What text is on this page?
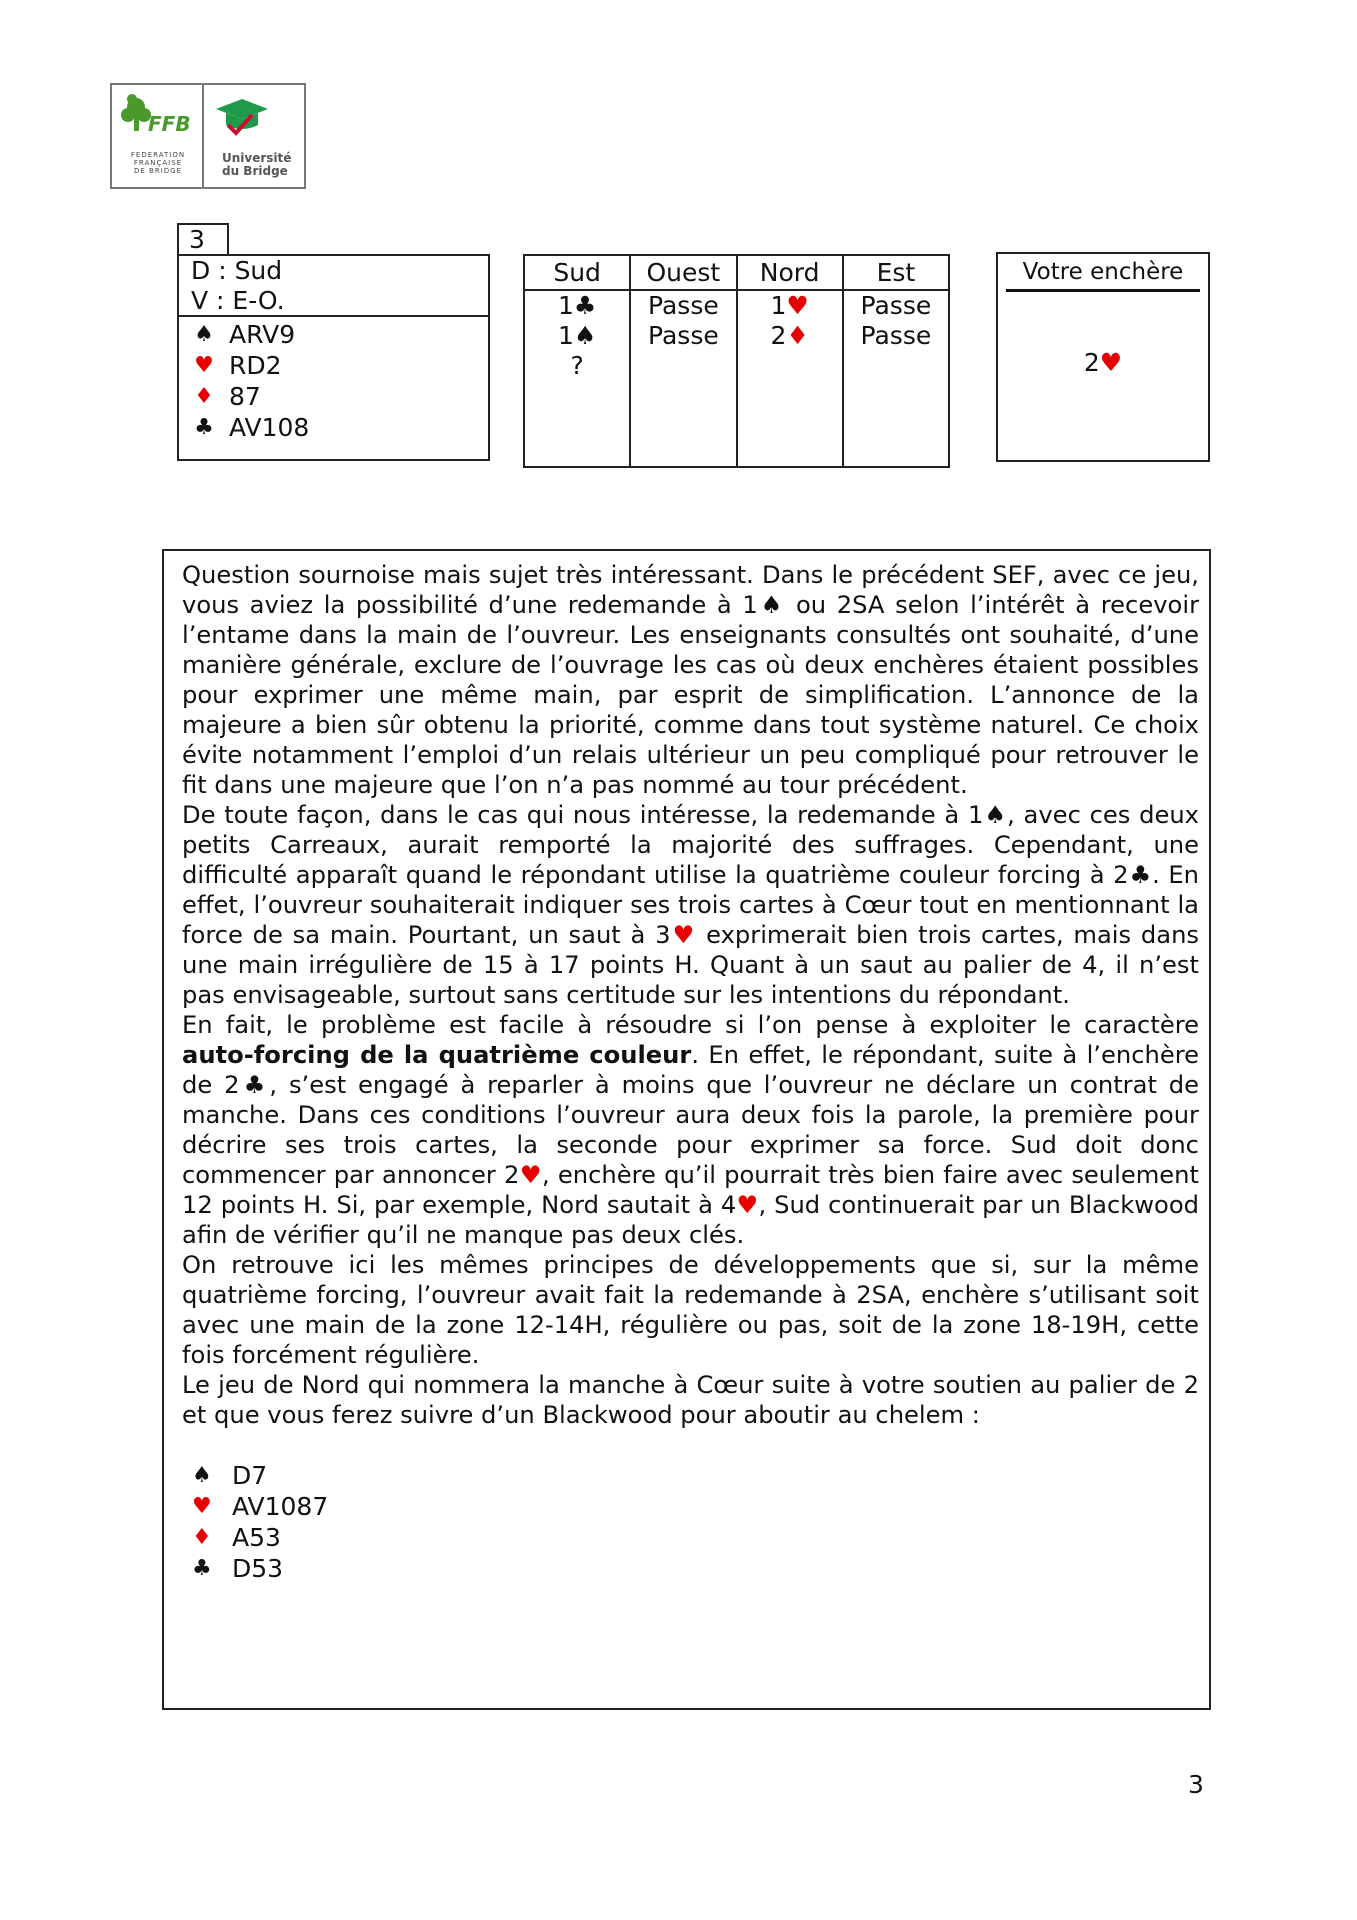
FFB
FEDERATION
FRANÇAISE
DE BRIDGE
Université
du Bridge
3
D : Sud
V : E-O.
♠ ARV9
♥ RD2
♦ 87
♣ AV108
Sud
1♣
1♠
?
Ouest
Passe
Passe
Nord
1♥
2♦
Est
Passe
Passe
Votre enchère
2♥

Question sournoise mais sujet très intéressant. Dans le précédent SEF, avec ce jeu, vous aviez la possibilité d’une redemande à 1♠ ou 2SA selon l’intérêt à recevoir l’entame dans la main de l’ouvreur. Les enseignants consultés ont souhaité, d’une manière générale, exclure de l’ouvrage les cas où deux enchères étaient possibles pour exprimer une même main, par esprit de simplification. L’annonce de la majeure a bien sûr obtenu la priorité, comme dans tout système naturel. Ce choix évite notamment l’emploi d’un relais ultérieur un peu compliqué pour retrouver le fit dans une majeure que l’on n’a pas nommé au tour précédent.

De toute façon, dans le cas qui nous intéresse, la redemande à 1♠, avec ces deux petits Carreaux, aurait remporté la majorité des suffrages. Cependant, une difficulté apparaît quand le répondant utilise la quatrième couleur forcing à 2♣. En effet, l’ouvreur souhaiterait indiquer ses trois cartes à Cœur tout en mentionnant la force de sa main. Pourtant, un saut à 3♥ exprimerait bien trois cartes, mais dans une main irrégulière de 15 à 17 points H. Quant à un saut au palier de 4, il n’est pas envisageable, surtout sans certitude sur les intentions du répondant.

En fait, le problème est facile à résoudre si l’on pense à exploiter le caractère auto-forcing de la quatrième couleur. En effet, le répondant, suite à l’enchère de 2♣, s’est engagé à reparler à moins que l’ouvreur ne déclare un contrat de manche. Dans ces conditions l’ouvreur aura deux fois la parole, la première pour décrire ses trois cartes, la seconde pour exprimer sa force. Sud doit donc commencer par annoncer 2♥, enchère qu’il pourrait très bien faire avec seulement 12 points H. Si, par exemple, Nord sautait à 4♥, Sud continuerait par un Blackwood afin de vérifier qu’il ne manque pas deux clés.

On retrouve ici les mêmes principes de développements que si, sur la même quatrième forcing, l’ouvreur avait fait la redemande à 2SA, enchère s’utilisant soit avec une main de la zone 12-14H, régulière ou pas, soit de la zone 18-19H, cette fois forcément régulière.

Le jeu de Nord qui nommera la manche à Cœur suite à votre soutien au palier de 2 et que vous ferez suivre d’un Blackwood pour aboutir au chelem :

♠ D7
♥ AV1087
♦ A53
♣ D53
3
